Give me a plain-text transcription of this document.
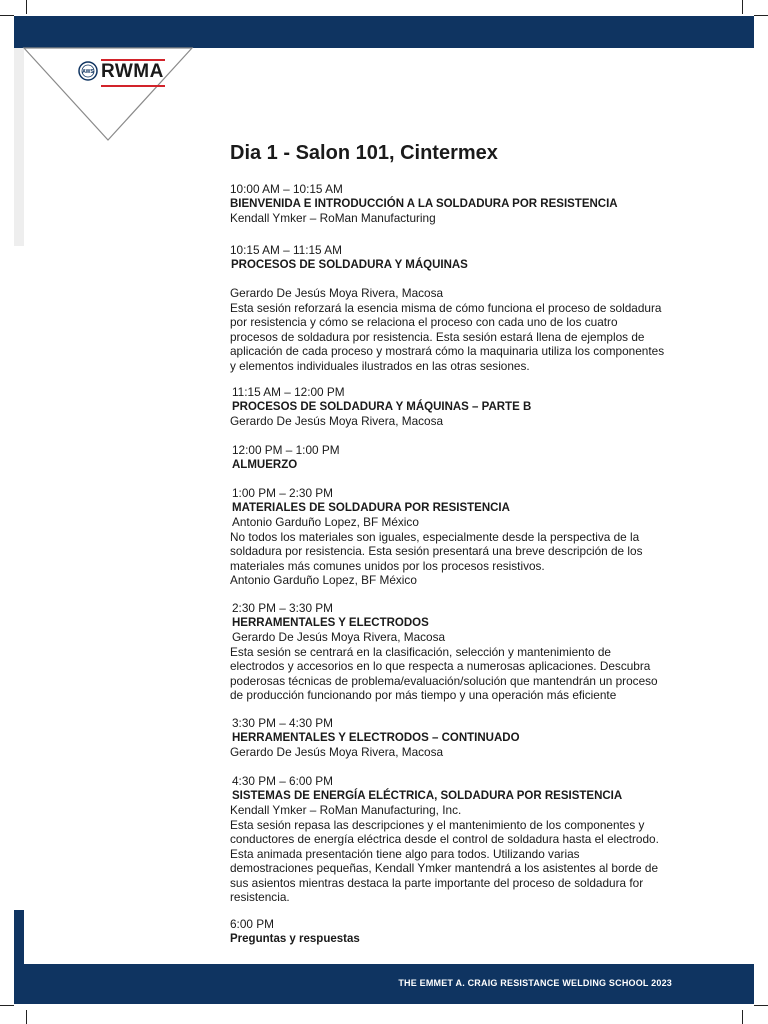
AWS RWMA
Dia 1 - Salon 101, Cintermex
10:00 AM – 10:15 AM
BIENVENIDA E INTRODUCCIÓN A LA SOLDADURA POR RESISTENCIA
Kendall Ymker – RoMan Manufacturing
10:15 AM – 11:15 AM
PROCESOS DE SOLDADURA Y MÁQUINAS
Gerardo De Jesús Moya Rivera, Macosa
Esta sesión reforzará la esencia misma de cómo funciona el proceso de soldadura
por resistencia y cómo se relaciona el proceso con cada uno de los cuatro
procesos de soldadura por resistencia. Esta sesión estará llena de ejemplos de
aplicación de cada proceso y mostrará cómo la maquinaria utiliza los componentes
y elementos individuales ilustrados en las otras sesiones.
11:15 AM – 12:00 PM
PROCESOS DE SOLDADURA Y MÁQUINAS – PARTE B
Gerardo De Jesús Moya Rivera, Macosa
12:00 PM – 1:00 PM
ALMUERZO
1:00 PM – 2:30 PM
MATERIALES DE SOLDADURA POR RESISTENCIA
Antonio Garduño Lopez, BF México
No todos los materiales son iguales, especialmente desde la perspectiva de la
soldadura por resistencia. Esta sesión presentará una breve descripción de los
materiales más comunes unidos por los procesos resistivos.
Antonio Garduño Lopez, BF México
2:30 PM – 3:30 PM
HERRAMENTALES Y ELECTRODOS
Gerardo De Jesús Moya Rivera, Macosa
Esta sesión se centrará en la clasificación, selección y mantenimiento de
electrodos y accesorios en lo que respecta a numerosas aplicaciones. Descubra
poderosas técnicas de problema/evaluación/solución que mantendrán un proceso
de producción funcionando por más tiempo y una operación más eficiente
3:30 PM – 4:30 PM
HERRAMENTALES Y ELECTRODOS – CONTINUADO
Gerardo De Jesús Moya Rivera, Macosa
4:30 PM – 6:00 PM
SISTEMAS DE ENERGÍA ELÉCTRICA, SOLDADURA POR RESISTENCIA
Kendall Ymker – RoMan Manufacturing, Inc.
Esta sesión repasa las descripciones y el mantenimiento de los componentes y
conductores de energía eléctrica desde el control de soldadura hasta el electrodo.
Esta animada presentación tiene algo para todos. Utilizando varias
demostraciones pequeñas, Kendall Ymker mantendrá a los asistentes al borde de
sus asientos mientras destaca la parte importante del proceso de soldadura for
resistencia.
6:00 PM
Preguntas y respuestas
THE EMMET A. CRAIG RESISTANCE WELDING SCHOOL 2023
